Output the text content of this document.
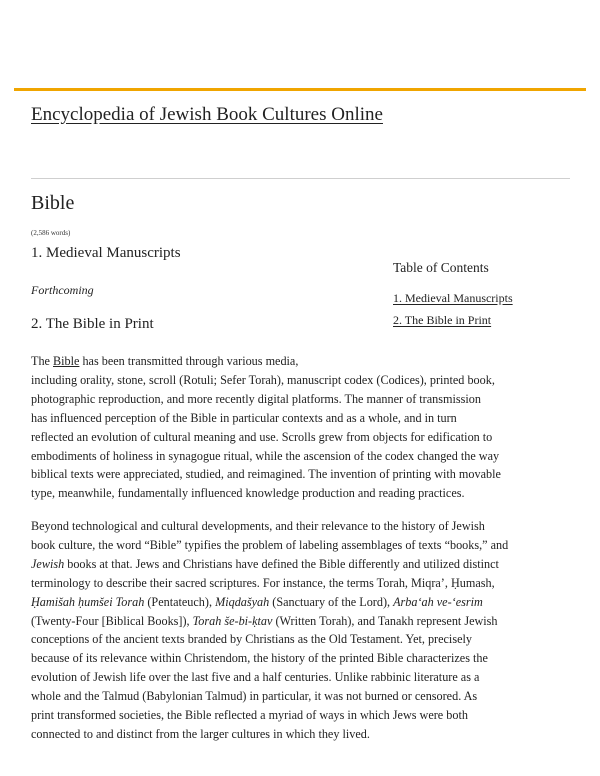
Encyclopedia of Jewish Book Cultures Online
Bible
(2,586 words)
1. Medieval Manuscripts
Forthcoming
2. The Bible in Print
Table of Contents
1. Medieval Manuscripts
2. The Bible in Print
The Bible has been transmitted through various media,
including orality, stone, scroll (Rotuli; Sefer Torah), manuscript codex (Codices), printed book,
photographic reproduction, and more recently digital platforms. The manner of transmission
has influenced perception of the Bible in particular contexts and as a whole, and in turn
reflected an evolution of cultural meaning and use. Scrolls grew from objects for edification to
embodiments of holiness in synagogue ritual, while the ascension of the codex changed the way
biblical texts were appreciated, studied, and reimagined. The invention of printing with movable
type, meanwhile, fundamentally influenced knowledge production and reading practices.
Beyond technological and cultural developments, and their relevance to the history of Jewish
book culture, the word “Bible” typifies the problem of labeling assemblages of texts “books,” and
Jewish books at that. Jews and Christians have defined the Bible differently and utilized distinct
terminology to describe their sacred scriptures. For instance, the terms Torah, Miqra’, Ḥumash,
Ḥamišah ḥumšei Torah (Pentateuch), Miqdašyah (Sanctuary of the Lord), Arba‘ah ve-‘esrim
(Twenty-Four [Biblical Books]), Torah še-bi-ḳtav (Written Torah), and Tanakh represent Jewish
conceptions of the ancient texts branded by Christians as the Old Testament. Yet, precisely
because of its relevance within Christendom, the history of the printed Bible characterizes the
evolution of Jewish life over the last five and a half centuries. Unlike rabbinic literature as a
whole and the Talmud (Babylonian Talmud) in particular, it was not burned or censored. As
print transformed societies, the Bible reflected a myriad of ways in which Jews were both
connected to and distinct from the larger cultures in which they lived.
